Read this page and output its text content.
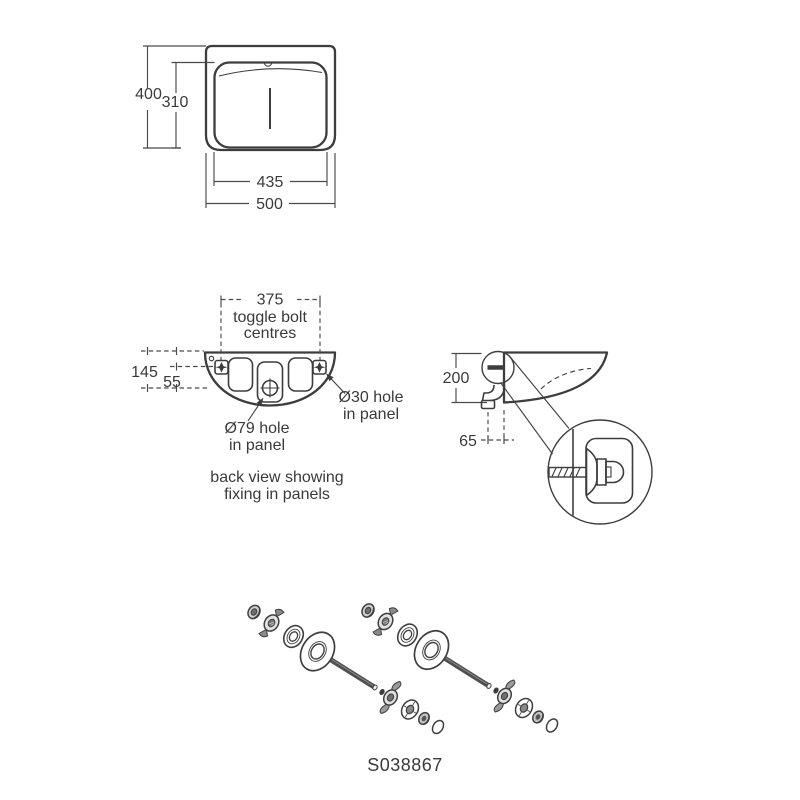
400 310
435
500
375
toggle bolt
centres
145
55
Ø30 hole
in panel
Ø79 hole
in panel
back view showing
fixing in panels
200
65
S038867
